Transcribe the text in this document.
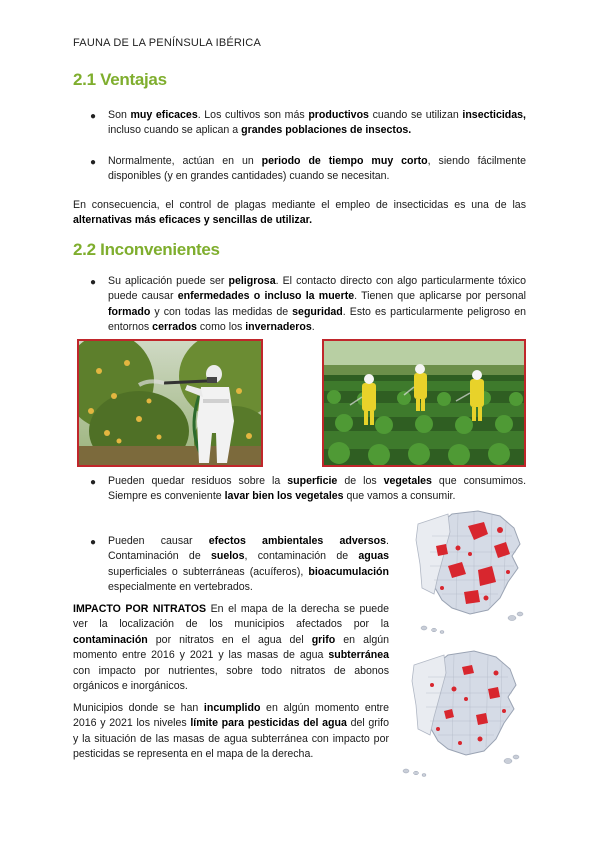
FAUNA DE LA PENÍNSULA IBÉRICA
2.1 Ventajas
● Son muy eficaces. Los cultivos son más productivos cuando se utilizan insecticidas, incluso cuando se aplican a grandes poblaciones de insectos.
● Normalmente, actúan en un periodo de tiempo muy corto, siendo fácilmente disponibles (y en grandes cantidades) cuando se necesitan.
En consecuencia, el control de plagas mediante el empleo de insecticidas es una de las alternativas más eficaces y sencillas de utilizar.
2.2 Inconvenientes
● Su aplicación puede ser peligrosa. El contacto directo con algo particularmente tóxico puede causar enfermedades o incluso la muerte. Tienen que aplicarse por personal formado y con todas las medidas de seguridad. Esto es particularmente peligroso en entornos cerrados como los invernaderos.
● Pueden quedar residuos sobre la superficie de los vegetales que consumimos. Siempre es conveniente lavar bien los vegetales que vamos a consumir.
● Pueden causar efectos ambientales adversos. Contaminación de suelos, contaminación de aguas superficiales o subterráneas (acuíferos), bioacumulación especialmente en vertebrados.
IMPACTO POR NITRATOS En el mapa de la derecha se puede ver la localización de los municipios afectados por la contaminación por nitratos en el agua del grifo en algún momento entre 2016 y 2021 y las masas de agua subterránea con impacto por nutrientes, sobre todo nitratos de abonos orgánicos e inorgánicos.
Municipios donde se han incumplido en algún momento entre 2016 y 2021 los niveles límite para pesticidas del agua del grifo y la situación de las masas de agua subterránea con impacto por pesticidas se representa en el mapa de la derecha.
